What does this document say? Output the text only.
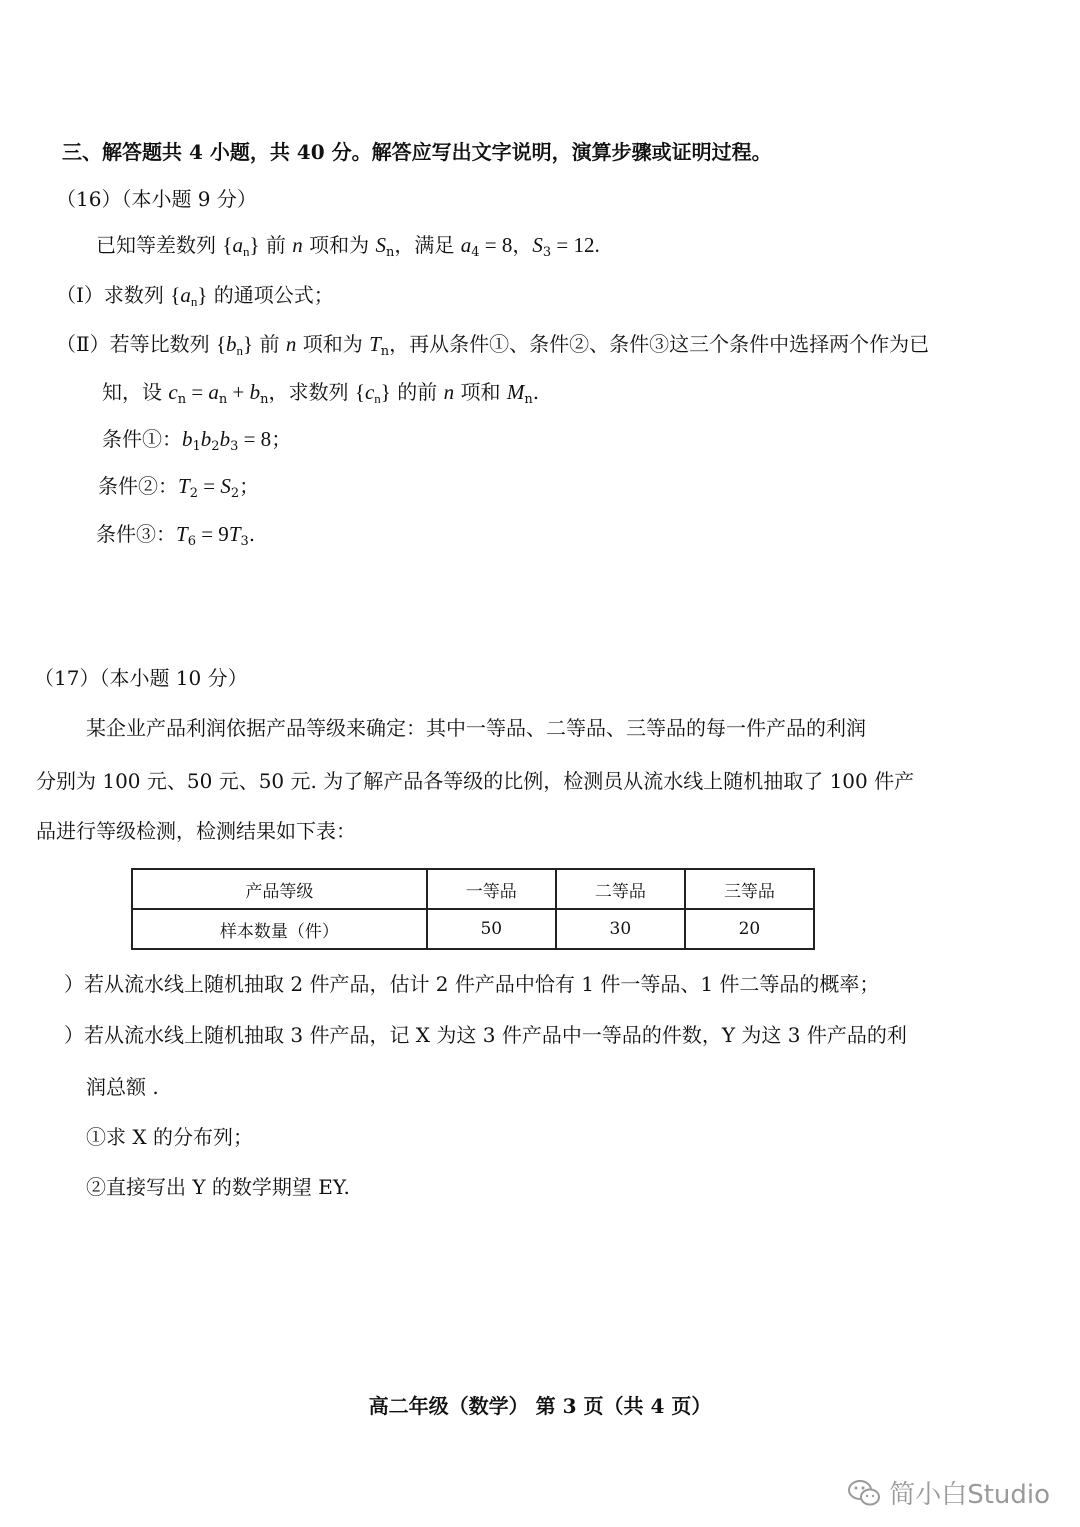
三、解答题共 4 小题，共 40 分。解答应写出文字说明，演算步骤或证明过程。
（16）（本小题 9 分）
已知等差数列 $\{a_n\}$ 前 n 项和为 $S_n$，满足 $a_4 = 8$，$S_3 = 12$.
（Ⅰ）求数列 $\{a_n\}$ 的通项公式；
（Ⅱ）若等比数列 $\{b_n\}$ 前 n 项和为 $T_n$，再从条件①、条件②、条件③这三个条件中选择两个作为已
知，设 $c_n = a_n + b_n$，求数列 $\{c_n\}$ 的前 n 项和 $M_n$.
条件①：$b_1b_2b_3 = 8$；
条件②：$T_2 = S_2$；
条件③：$T_6 = 9T_3$.
（17）（本小题 10 分）
某企业产品利润依据产品等级来确定：其中一等品、二等品、三等品的每一件产品的利润
分别为 100 元、50 元、50 元. 为了解产品各等级的比例，检测员从流水线上随机抽取了 100 件产
品进行等级检测，检测结果如下表：
产品等级	一等品	二等品	三等品
样本数量（件）	50	30	20
）若从流水线上随机抽取 2 件产品，估计 2 件产品中恰有 1 件一等品、1 件二等品的概率；
）若从流水线上随机抽取 3 件产品，记 X 为这 3 件产品中一等品的件数，Y 为这 3 件产品的利
润总额 .
①求 X 的分布列；
②直接写出 Y 的数学期望 EY.
高二年级（数学） 第 3 页（共 4 页）
简小白Studio
